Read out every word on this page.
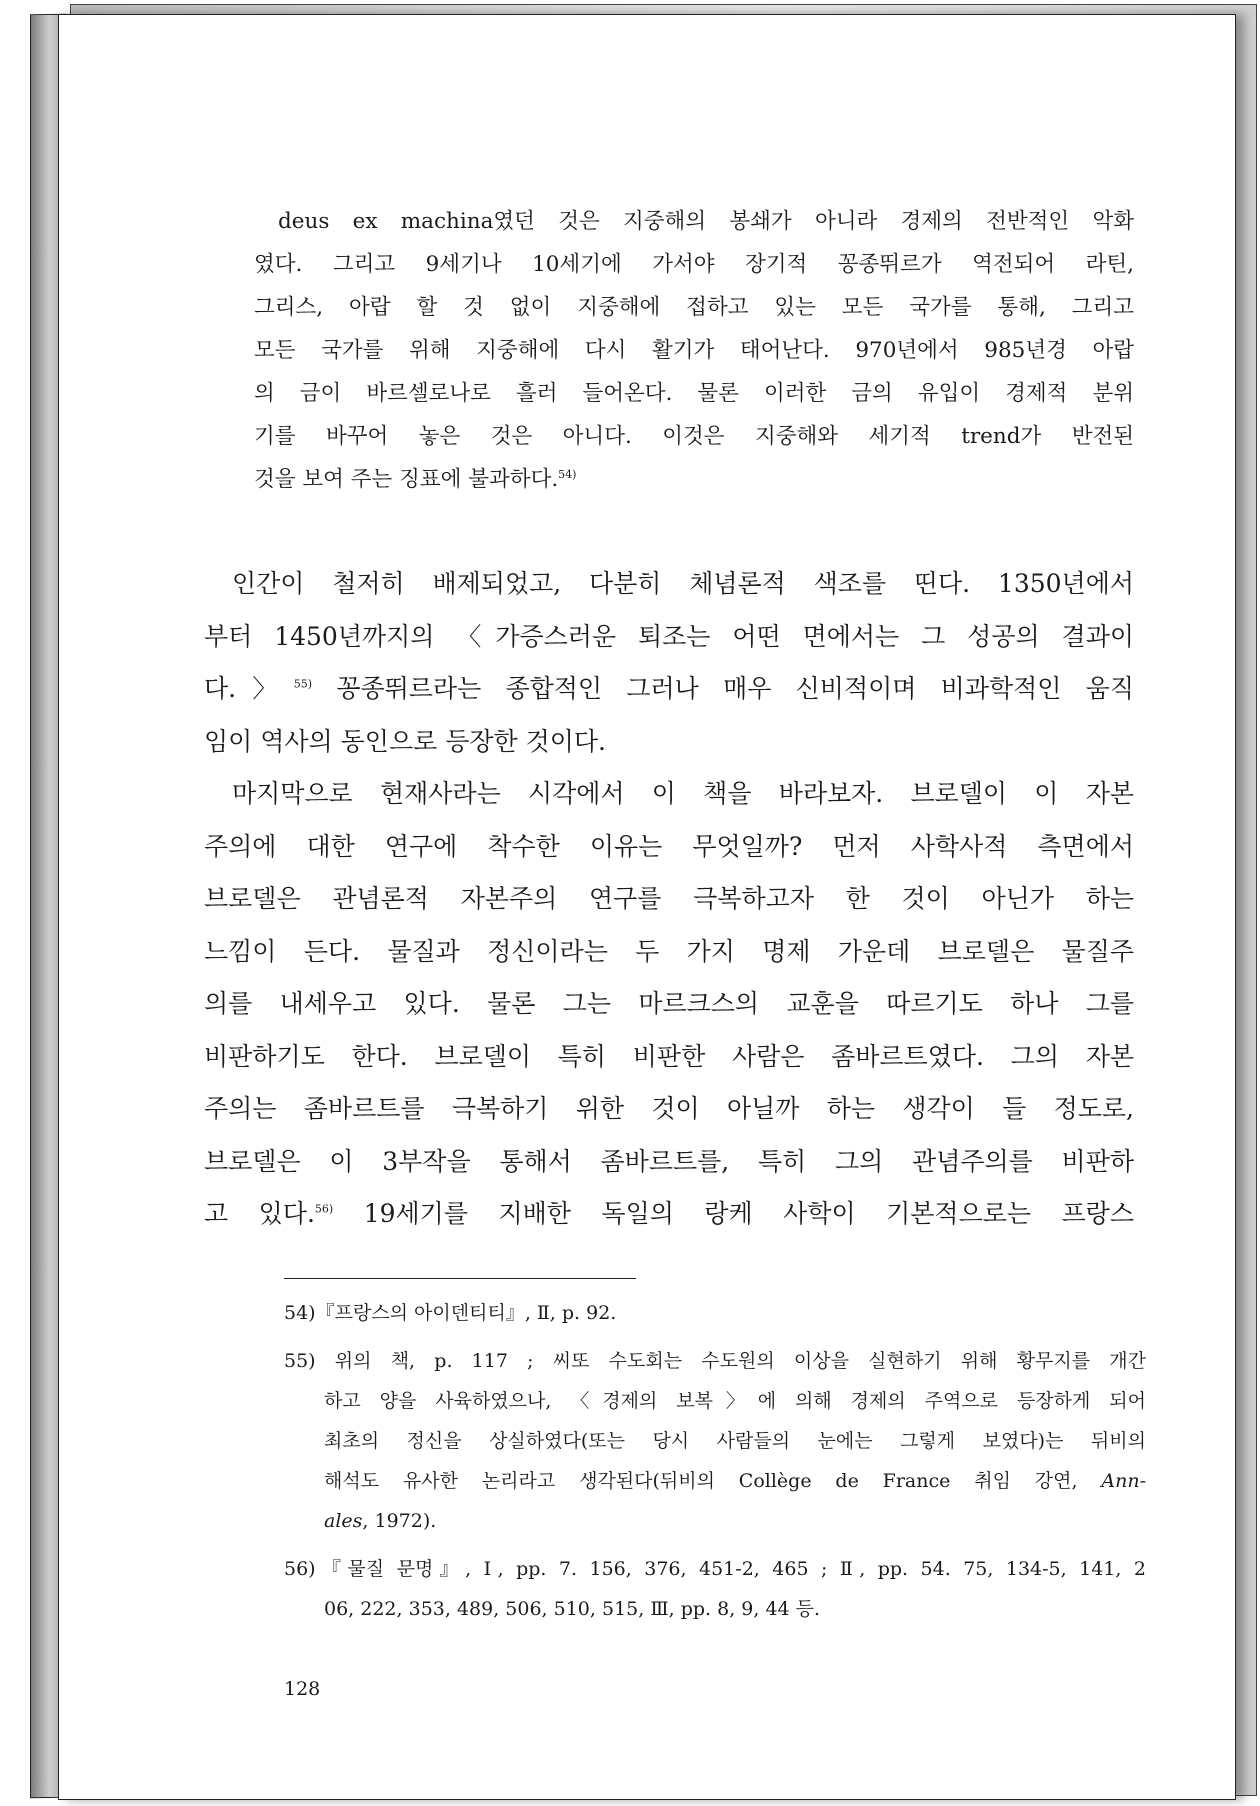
deus ex machina였던 것은 지중해의 봉쇄가 아니라 경제의 전반적인 악화

였다. 그리고 9세기나 10세기에 가서야 장기적 꽁종뛰르가 역전되어 라틴,

그리스, 아랍 할 것 없이 지중해에 접하고 있는 모든 국가를 통해, 그리고

모든 국가를 위해 지중해에 다시 활기가 태어난다. 970년에서 985년경 아랍

의 금이 바르셀로나로 흘러 들어온다. 물론 이러한 금의 유입이 경제적 분위

기를 바꾸어 놓은 것은 아니다. 이것은 지중해와 세기적 trend가 반전된

것을 보여 주는 징표에 불과하다.$^{54)}$

인간이 철저히 배제되었고, 다분히 체념론적 색조를 띤다. 1350년에서

부터 1450년까지의 〈가증스러운 퇴조는 어떤 면에서는 그 성공의 결과이

다.〉$^{55)}$ 꽁종뛰르라는 종합적인 그러나 매우 신비적이며 비과학적인 움직

임이 역사의 동인으로 등장한 것이다.

마지막으로 현재사라는 시각에서 이 책을 바라보자. 브로델이 이 자본

주의에 대한 연구에 착수한 이유는 무엇일까? 먼저 사학사적 측면에서

브로델은 관념론적 자본주의 연구를 극복하고자 한 것이 아닌가 하는

느낌이 든다. 물질과 정신이라는 두 가지 명제 가운데 브로델은 물질주

의를 내세우고 있다. 물론 그는 마르크스의 교훈을 따르기도 하나 그를

비판하기도 한다. 브로델이 특히 비판한 사람은 좀바르트였다. 그의 자본

주의는 좀바르트를 극복하기 위한 것이 아닐까 하는 생각이 들 정도로,

브로델은 이 3부작을 통해서 좀바르트를, 특히 그의 관념주의를 비판하

고 있다.$^{56)}$ 19세기를 지배한 독일의 랑케 사학이 기본적으로는 프랑스

54)『프랑스의 아이덴티티』, Ⅱ, p. 92.

55) 위의 책, p. 117 ; 씨또 수도회는 수도원의 이상을 실현하기 위해 황무지를 개간

하고 양을 사육하였으나, 〈경제의 보복〉에 의해 경제의 주역으로 등장하게 되어

최초의 정신을 상실하였다(또는 당시 사람들의 눈에는 그렇게 보였다)는 뒤비의

해석도 유사한 논리라고 생각된다(뒤비의 Collège de France 취임 강연, Ann-

ales, 1972).

56)『물질 문명』, Ⅰ, pp. 7. 156, 376, 451-2, 465 ; Ⅱ, pp. 54. 75, 134-5, 141, 2

06, 222, 353, 489, 506, 510, 515, Ⅲ, pp. 8, 9, 44 등.

128
